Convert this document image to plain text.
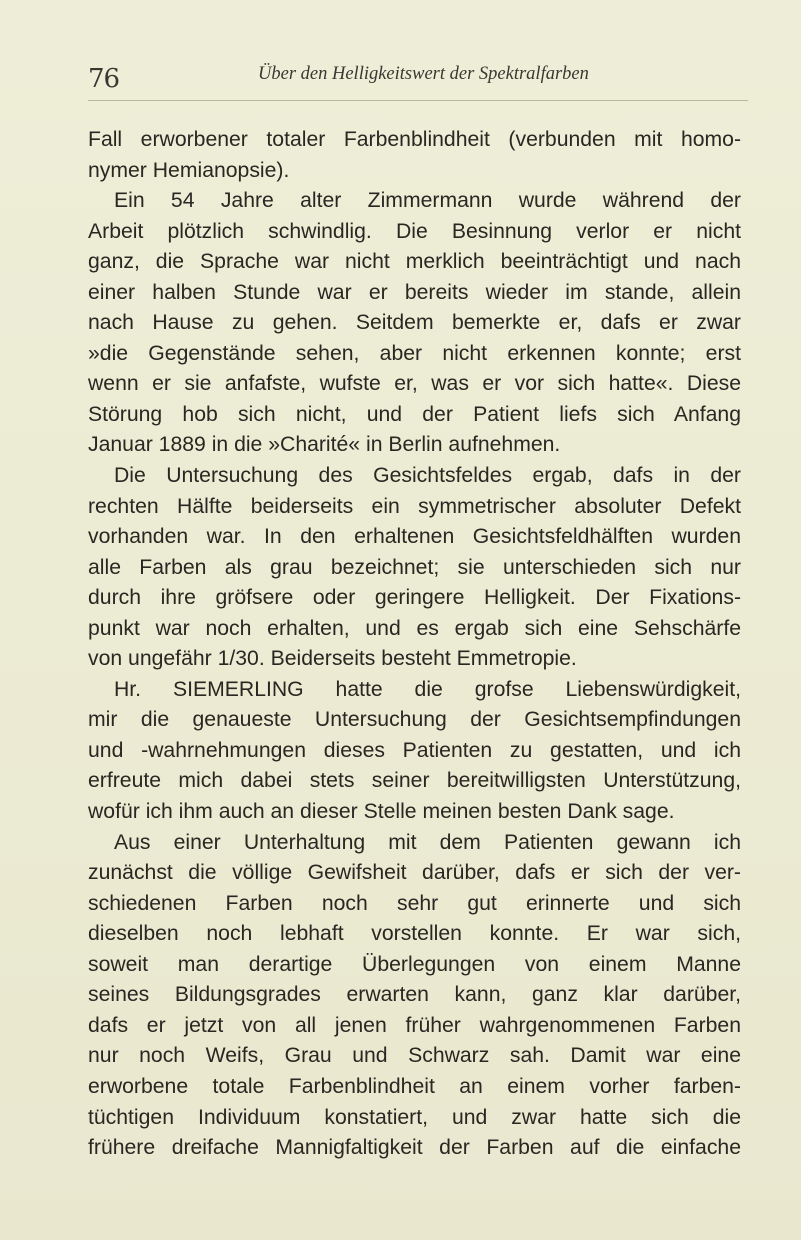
76	Über den Helligkeitswert der Spektralfarben
Fall erworbener totaler Farbenblindheit (verbunden mit homo-
nymer Hemianopsie).
Ein 54 Jahre alter Zimmermann wurde während der
Arbeit plötzlich schwindlig. Die Besinnung verlor er nicht
ganz, die Sprache war nicht merklich beeinträchtigt und nach
einer halben Stunde war er bereits wieder im stande, allein
nach Hause zu gehen. Seitdem bemerkte er, dafs er zwar
»die Gegenstände sehen, aber nicht erkennen konnte; erst
wenn er sie anfafste, wufste er, was er vor sich hatte«. Diese
Störung hob sich nicht, und der Patient liefs sich Anfang
Januar 1889 in die »Charité« in Berlin aufnehmen.
Die Untersuchung des Gesichtsfeldes ergab, dafs in der
rechten Hälfte beiderseits ein symmetrischer absoluter Defekt
vorhanden war. In den erhaltenen Gesichtsfeldhälften wurden
alle Farben als grau bezeichnet; sie unterschieden sich nur
durch ihre gröfsere oder geringere Helligkeit. Der Fixations-
punkt war noch erhalten, und es ergab sich eine Sehschärfe
von ungefähr 1/30. Beiderseits besteht Emmetropie.
Hr. SIEMERLING hatte die grofse Liebenswürdigkeit,
mir die genaueste Untersuchung der Gesichtsempfindungen
und -wahrnehmungen dieses Patienten zu gestatten, und ich
erfreute mich dabei stets seiner bereitwilligsten Unterstützung,
wofür ich ihm auch an dieser Stelle meinen besten Dank sage.
Aus einer Unterhaltung mit dem Patienten gewann ich
zunächst die völlige Gewifsheit darüber, dafs er sich der ver-
schiedenen Farben noch sehr gut erinnerte und sich
dieselben noch lebhaft vorstellen konnte. Er war sich,
soweit man derartige Überlegungen von einem Manne
seines Bildungsgrades erwarten kann, ganz klar darüber,
dafs er jetzt von all jenen früher wahrgenommenen Farben
nur noch Weifs, Grau und Schwarz sah. Damit war eine
erworbene totale Farbenblindheit an einem vorher farben-
tüchtigen Individuum konstatiert, und zwar hatte sich die
frühere dreifache Mannigfaltigkeit der Farben auf die einfache
